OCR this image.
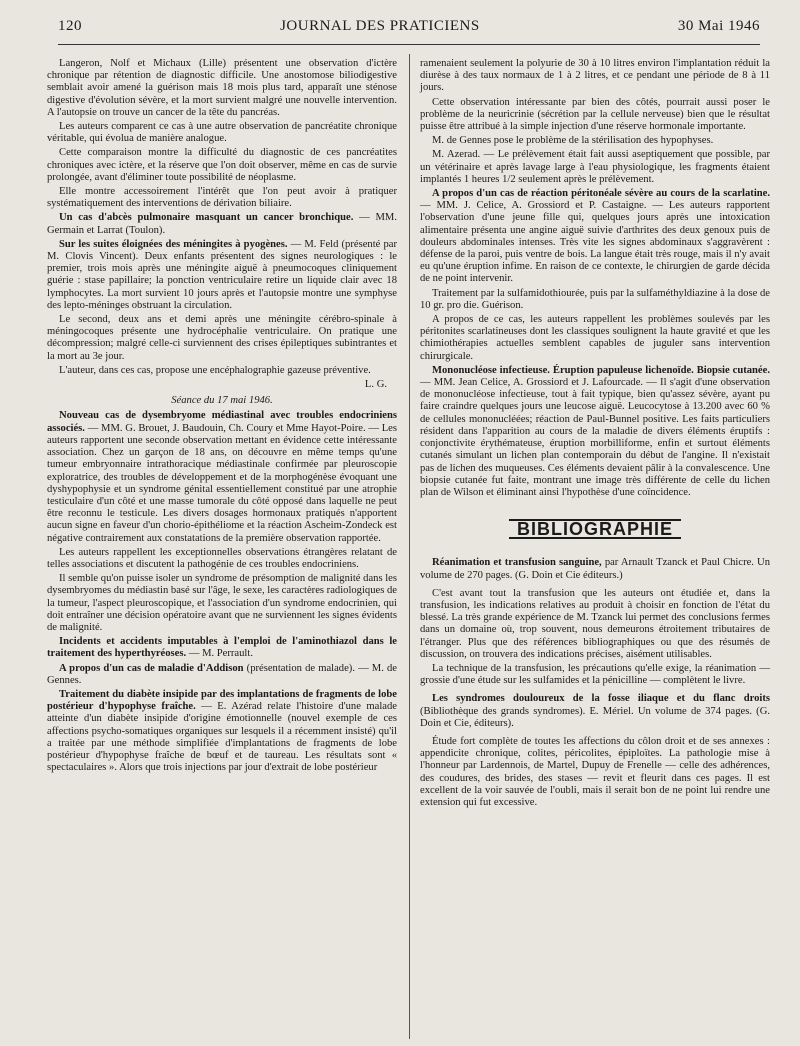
120	JOURNAL DES PRATICIENS	30 Mai 1946

Langeron, Nolf et Michaux (Lille) présentent une observation d'ictère chronique par rétention de diagnostic difficile. Une anostomose biliodigestive semblait avoir amené la guérison mais 18 mois plus tard, apparaît une sténose digestive d'évolution sévère, et la mort survient malgré une nouvelle intervention. A l'autopsie on trouve un cancer de la tête du pancréas.

Les auteurs comparent ce cas à une autre observation de pancréatite chronique véritable, qui évolua de manière analogue.

Cette comparaison montre la difficulté du diagnostic de ces pancréatites chroniques avec ictère, et la réserve que l'on doit observer, même en cas de survie prolongée, avant d'éliminer toute possibilité de néoplasme.

Elle montre accessoirement l'intérêt que l'on peut avoir à pratiquer systématiquement des interventions de dérivation biliaire.

Un cas d'abcès pulmonaire masquant un cancer bronchique. — MM. Germain et Larrat (Toulon).

Sur les suites éloignées des méningites à pyogènes. — M. Feld (présenté par M. Clovis Vincent). Deux enfants présentent des signes neurologiques : le premier, trois mois après une méningite aiguë à pneumocoques cliniquement guérie : stase papillaire; la ponction ventriculaire retire un liquide clair avec 18 lymphocytes. La mort survient 10 jours après et l'autopsie montre une symphyse des lepto-méninges obstruant la circulation.

Le second, deux ans et demi après une méningite cérébro-spinale à méningocoques présente une hydrocéphalie ventriculaire. On pratique une décompression; malgré celle-ci surviennent des crises épileptiques subintrantes et la mort au 3e jour.

L'auteur, dans ces cas, propose une encéphalographie gazeuse préventive.

L. G.

Séance du 17 mai 1946.

Nouveau cas de dysembryome médiastinal avec troubles endocriniens associés. — MM. G. Brouet, J. Baudouin, Ch. Coury et Mme Hayot-Poire. — Les auteurs rapportent une seconde observation mettant en évidence cette intéressante association. Chez un garçon de 18 ans, on découvre en même temps qu'une tumeur embryonnaire intrathoracique médiastinale confirmée par pleuroscopie exploratrice, des troubles de développement et de la morphogénèse évoquant une dyshypophysie et un syndrome génital essentiellement constitué par une atrophie testiculaire d'un côté et une masse tumorale du côté opposé dans laquelle ne peut être reconnu le testicule. Les divers dosages hormonaux pratiqués n'apportent aucun signe en faveur d'un chorio-épithéliome et la réaction Ascheim-Zondeck est négative contrairement aux constatations de la première observation rapportée.

Les auteurs rappellent les exceptionnelles observations étrangères relatant de telles associations et discutent la pathogénie de ces troubles endocriniens.

Il semble qu'on puisse isoler un syndrome de présomption de malignité dans les dysembryomes du médiastin basé sur l'âge, le sexe, les caractères radiologiques de la tumeur, l'aspect pleuroscopique, et l'association d'un syndrome endocrinien, qui doit entraîner une décision opératoire avant que ne surviennent les signes évidents de malignité.

Incidents et accidents imputables à l'emploi de l'aminothiazol dans le traitement des hyperthyréoses. — M. Perrault.

A propos d'un cas de maladie d'Addison (présentation de malade). — M. de Gennes.

Traitement du diabète insipide par des implantations de fragments de lobe postérieur d'hypophyse fraîche. — E. Azérad relate l'histoire d'une malade atteinte d'un diabète insipide d'origine émotionnelle (nouvel exemple de ces affections psycho-somatiques organiques sur lesquels il a récemment insisté) qu'il a traitée par une méthode simplifiée d'implantations de fragments de lobe postérieur d'hypophyse fraîche de bœuf et de taureau. Les résultats sont « spectaculaires ». Alors que trois injections par jour d'extrait de lobe postérieur

ramenaient seulement la polyurie de 30 à 10 litres environ l'implantation réduit la diurèse à des taux normaux de 1 à 2 litres, et ce pendant une période de 8 à 11 jours.

Cette observation intéressante par bien des côtés, pourrait aussi poser le problème de la neuricrinie (sécrétion par la cellule nerveuse) bien que le résultat puisse être attribué à la simple injection d'une réserve hormonale importante.

M. de Gennes pose le problème de la stérilisation des hypophyses.

M. Azerad. — Le prélèvement était fait aussi aseptiquement que possible, par un vétérinaire et après lavage large à l'eau physiologique, les fragments étaient implantés 1 heures 1/2 seulement après le prélèvement.

A propos d'un cas de réaction péritonéale sévère au cours de la scarlatine. — MM. J. Celice, A. Grossiord et P. Castaigne. — Les auteurs rapportent l'observation d'une jeune fille qui, quelques jours après une intoxication alimentaire présenta une angine aiguë suivie d'arthrites des deux genoux puis de douleurs abdominales intenses. Très vite les signes abdominaux s'aggravèrent : défense de la paroi, puis ventre de bois. La langue était très rouge, mais il n'y avait eu qu'une éruption infime. En raison de ce contexte, le chirurgien de garde décida de ne point intervenir.

Traitement par la sulfamidothiourée, puis par la sulfaméthyldiazine à la dose de 10 gr. pro die. Guérison.

A propos de ce cas, les auteurs rappellent les problèmes soulevés par les péritonites scarlatineuses dont les classiques soulignent la haute gravité et que les chimiothérapies actuelles semblent capables de juguler sans intervention chirurgicale.

Mononucléose infectieuse. Éruption papuleuse lichenoïde. Biopsie cutanée. — MM. Jean Celice, A. Grossiord et J. Lafourcade. — Il s'agit d'une observation de mononucléose infectieuse, tout à fait typique, bien qu'assez sévère, ayant pu faire craindre quelques jours une leucose aiguë. Leucocytose à 13.200 avec 60 % de cellules mononucléées; réaction de Paul-Bunnel positive. Les faits particuliers résident dans l'apparition au cours de la maladie de divers éléments éruptifs : conjonctivite érythémateuse, éruption morbilliforme, enfin et surtout éléments cutanés simulant un lichen plan contemporain du début de l'angine. Il n'existait pas de lichen des muqueuses. Ces éléments devaient pâlir à la convalescence. Une biopsie cutanée fut faite, montrant une image très différente de celle du lichen plan de Wilson et éliminant ainsi l'hypothèse d'une coïncidence.

BIBLIOGRAPHIE

Réanimation et transfusion sanguine, par Arnault Tzanck et Paul Chicre. Un volume de 270 pages. (G. Doin et Cie éditeurs.)

C'est avant tout la transfusion que les auteurs ont étudiée et, dans la transfusion, les indications relatives au produit à choisir en fonction de l'état du blessé. La très grande expérience de M. Tzanck lui permet des conclusions fermes dans un domaine où, trop souvent, nous demeurons étroitement tributaires de l'étranger. Plus que des références bibliographiques ou que des résumés de discussion, on trouvera des indications précises, aisément utilisables.

La technique de la transfusion, les précautions qu'elle exige, la réanimation — grossie d'une étude sur les sulfamides et la pénicilline — complètent le livre.

Les syndromes douloureux de la fosse iliaque et du flanc droits (Bibliothèque des grands syndromes). E. Mériel. Un volume de 374 pages. (G. Doin et Cie, éditeurs).

Étude fort complète de toutes les affections du côlon droit et de ses annexes : appendicite chronique, colites, péricolites, épiploïtes. La pathologie mise à l'honneur par Lardennois, de Martel, Dupuy de Frenelle — celle des adhérences, des coudures, des brides, des stases — revit et fleurit dans ces pages. Il est excellent de la voir sauvée de l'oubli, mais il serait bon de ne point lui rendre une extension qui fut excessive.
